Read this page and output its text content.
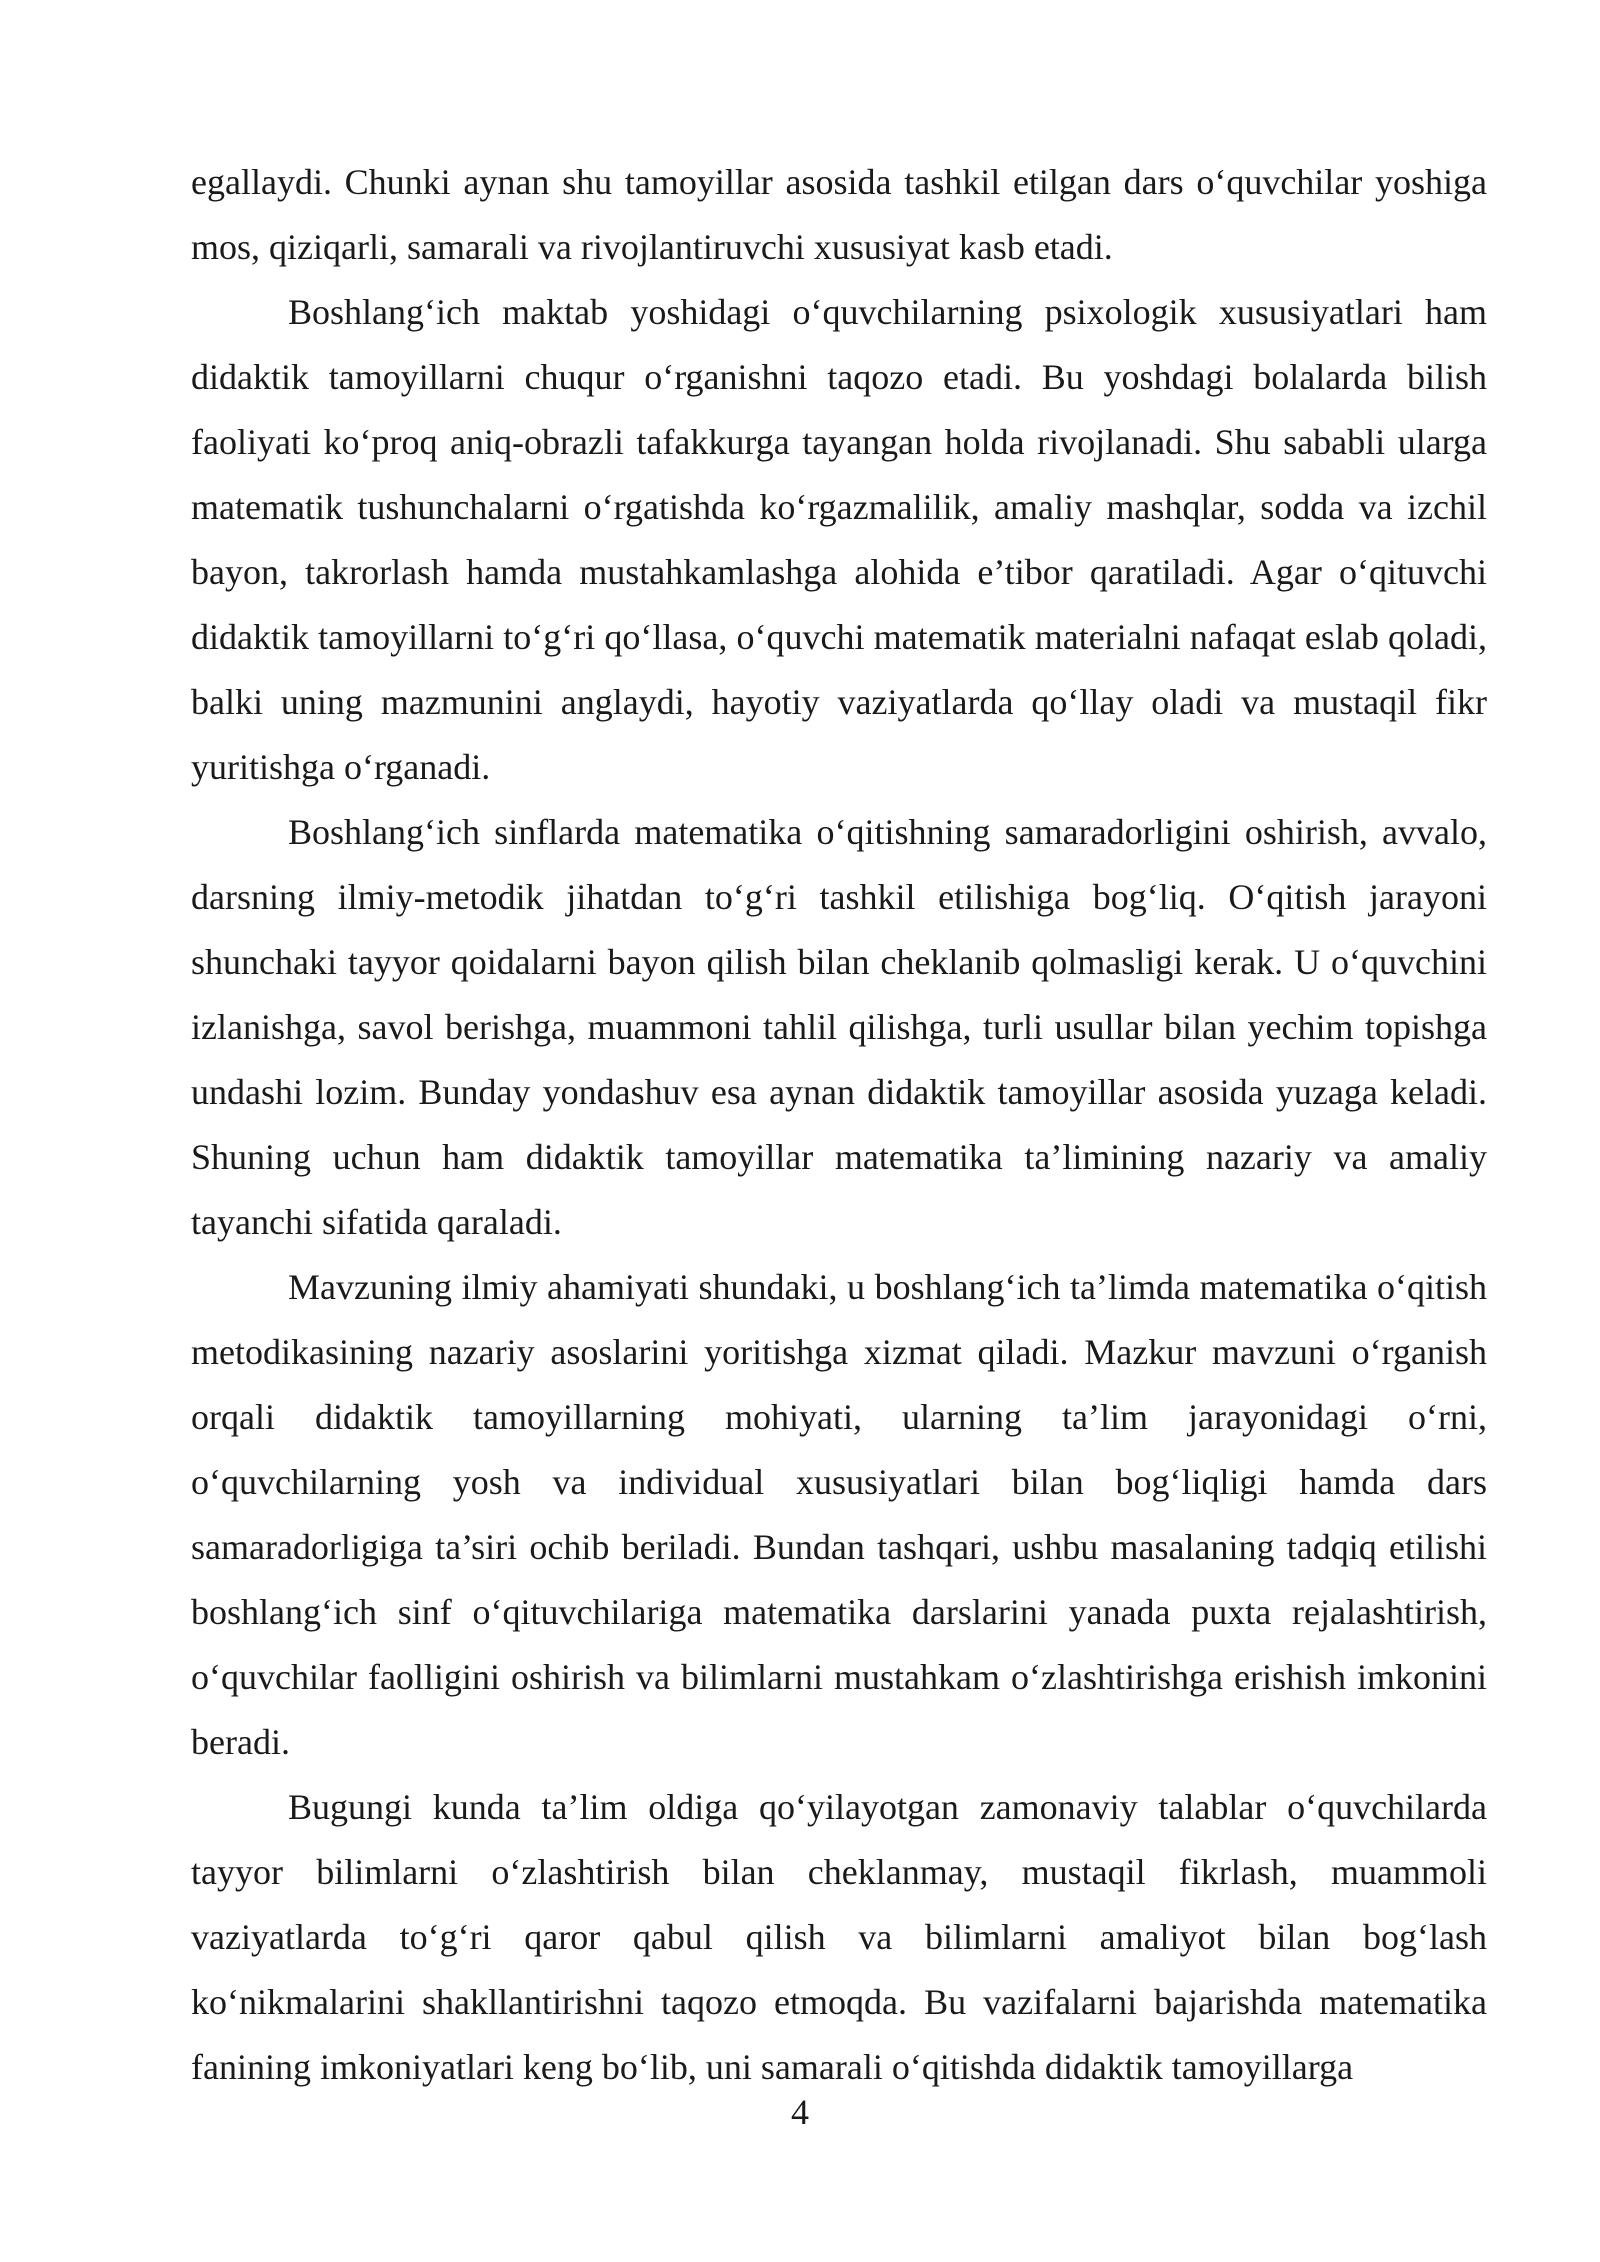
egallaydi. Chunki aynan shu tamoyillar asosida tashkil etilgan dars o‘quvchilar yoshiga mos, qiziqarli, samarali va rivojlantiruvchi xususiyat kasb etadi.

Boshlang‘ich maktab yoshidagi o‘quvchilarning psixologik xususiyatlari ham didaktik tamoyillarni chuqur o‘rganishni taqozo etadi. Bu yoshdagi bolalarda bilish faoliyati ko‘proq aniq-obrazli tafakkurga tayangan holda rivojlanadi. Shu sababli ularga matematik tushunchalarni o‘rgatishda ko‘rgazmalilik, amaliy mashqlar, sodda va izchil bayon, takrorlash hamda mustahkamlashga alohida e’tibor qaratiladi. Agar o‘qituvchi didaktik tamoyillarni to‘g‘ri qo‘llasa, o‘quvchi matematik materialni nafaqat eslab qoladi, balki uning mazmunini anglaydi, hayotiy vaziyatlarda qo‘llay oladi va mustaqil fikr yuritishga o‘rganadi.

Boshlang‘ich sinflarda matematika o‘qitishning samaradorligini oshirish, avvalo, darsning ilmiy-metodik jihatdan to‘g‘ri tashkil etilishiga bog‘liq. O‘qitish jarayoni shunchaki tayyor qoidalarni bayon qilish bilan cheklanib qolmasligi kerak. U o‘quvchini izlanishga, savol berishga, muammoni tahlil qilishga, turli usullar bilan yechim topishga undashi lozim. Bunday yondashuv esa aynan didaktik tamoyillar asosida yuzaga keladi. Shuning uchun ham didaktik tamoyillar matematika ta’limining nazariy va amaliy tayanchi sifatida qaraladi.

Mavzuning ilmiy ahamiyati shundaki, u boshlang‘ich ta’limda matematika o‘qitish metodikasining nazariy asoslarini yoritishga xizmat qiladi. Mazkur mavzuni o‘rganish orqali didaktik tamoyillarning mohiyati, ularning ta’lim jarayonidagi o‘rni, o‘quvchilarning yosh va individual xususiyatlari bilan bog‘liqligi hamda dars samaradorligiga ta’siri ochib beriladi. Bundan tashqari, ushbu masalaning tadqiq etilishi boshlang‘ich sinf o‘qituvchilariga matematika darslarini yanada puxta rejalashtirish, o‘quvchilar faolligini oshirish va bilimlarni mustahkam o‘zlashtirishga erishish imkonini beradi.

Bugungi kunda ta’lim oldiga qo‘yilayotgan zamonaviy talablar o‘quvchilarda tayyor bilimlarni o‘zlashtirish bilan cheklanmay, mustaqil fikrlash, muammoli vaziyatlarda to‘g‘ri qaror qabul qilish va bilimlarni amaliyot bilan bog‘lash ko‘nikmalarini shakllantirishni taqozo etmoqda. Bu vazifalarni bajarishda matematika fanining imkoniyatlari keng bo‘lib, uni samarali o‘qitishda didaktik tamoyillarga

4
